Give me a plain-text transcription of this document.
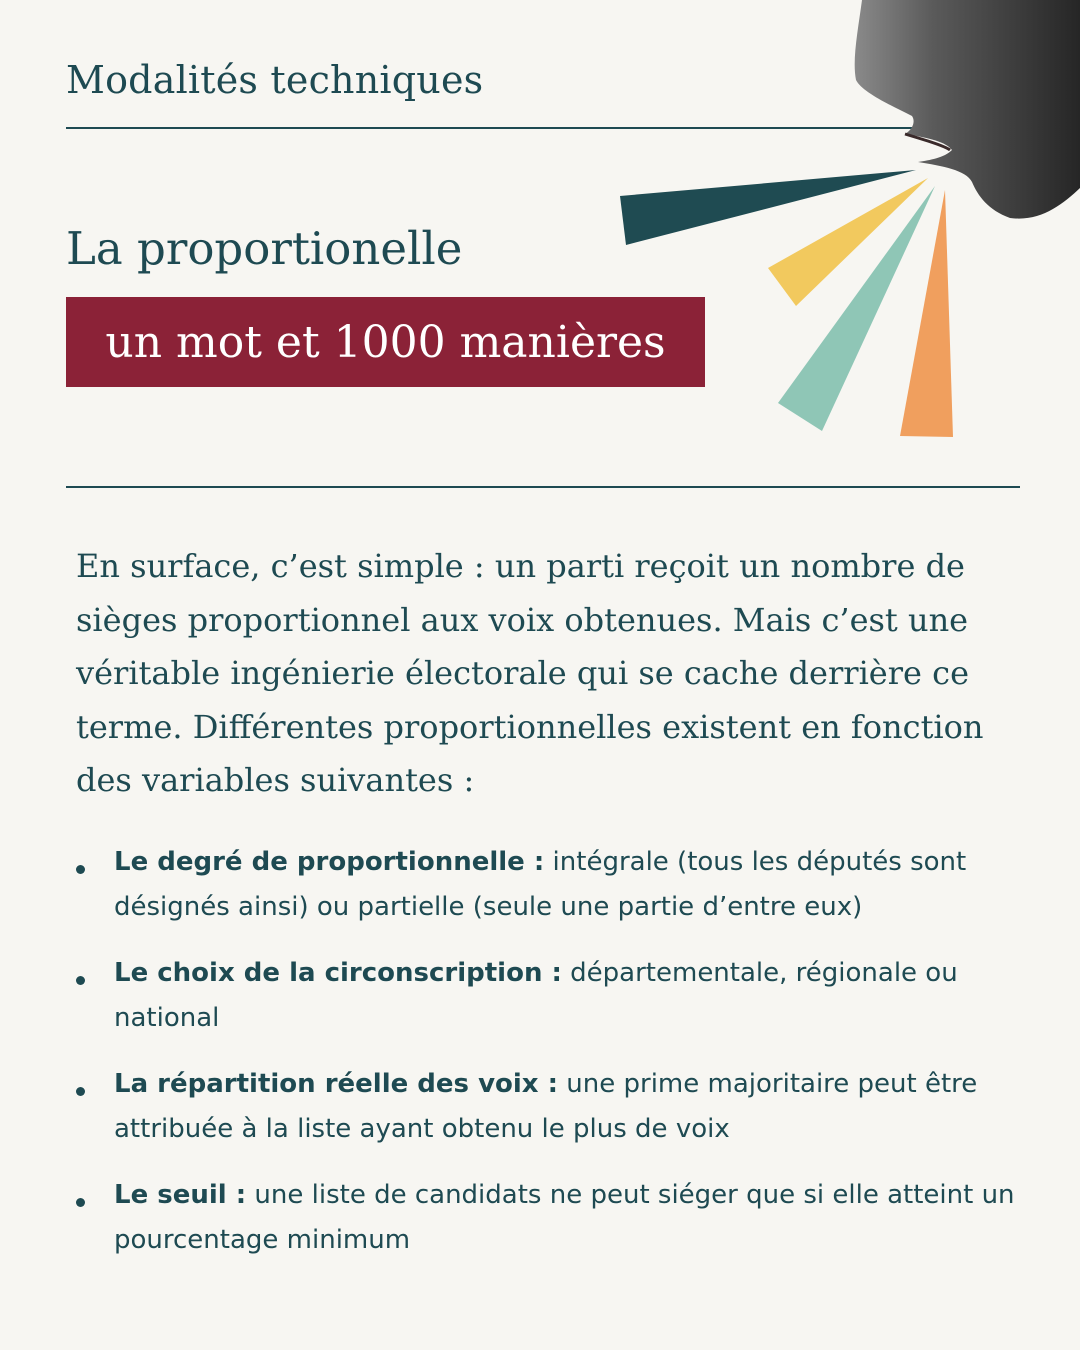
Modalités techniques
La proportionelle
un mot et 1000 manières
En surface, c’est simple : un parti reçoit un nombre de sièges proportionnel aux voix obtenues. Mais c’est une véritable ingénierie électorale qui se cache derrière ce terme. Différentes proportionnelles existent en fonction des variables suivantes :
Le degré de proportionnelle : intégrale (tous les députés sont désignés ainsi) ou partielle (seule une partie d’entre eux)
Le choix de la circonscription : départementale, régionale ou national
La répartition réelle des voix : une prime majoritaire peut être attribuée à la liste ayant obtenu le plus de voix
Le seuil : une liste de candidats ne peut siéger que si elle atteint un pourcentage minimum
